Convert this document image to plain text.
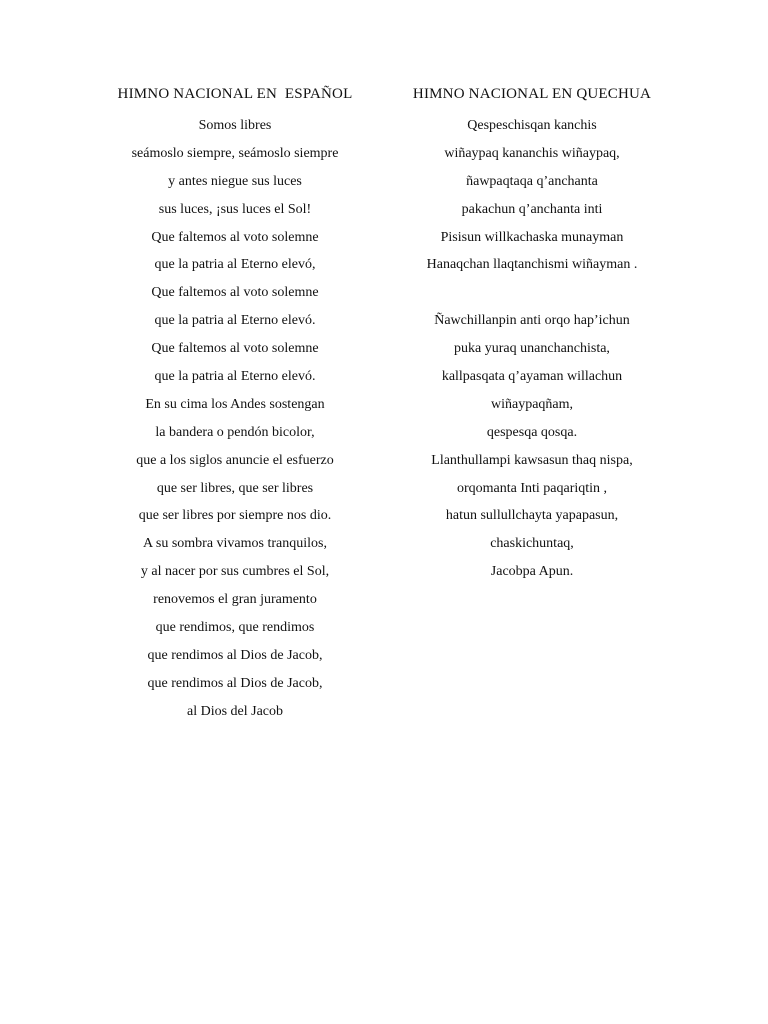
HIMNO NACIONAL EN  ESPAÑOL
Somos libres
seámoslo siempre, seámoslo siempre
y antes niegue sus luces
sus luces, ¡sus luces el Sol!
Que faltemos al voto solemne
que la patria al Eterno elevó,
Que faltemos al voto solemne
que la patria al Eterno elevó.
Que faltemos al voto solemne
que la patria al Eterno elevó.
En su cima los Andes sostengan
la bandera o pendón bicolor,
que a los siglos anuncie el esfuerzo
que ser libres, que ser libres
que ser libres por siempre nos dio.
A su sombra vivamos tranquilos,
y al nacer por sus cumbres el Sol,
renovemos el gran juramento
que rendimos, que rendimos
que rendimos al Dios de Jacob,
que rendimos al Dios de Jacob,
al Dios del Jacob
HIMNO NACIONAL EN QUECHUA
Qespeschisqan kanchis
wiñaypaq kananchis wiñaypaq,
ñawpaqtaqa q’anchanta
pakachun q’anchanta inti
Pisisun willkachaska munayman
Hanaqchan llaqtanchismi wiñayman .
Ñawchillanpin anti orqo hap’ichun
puka yuraq unanchanchista,
kallpasqata q’ayaman willachun
wiñaypaqñam,
qespesqa qosqa.
Llanthullampi kawsasun thaq nispa,
orqomanta Inti paqariqtin ,
hatun sullullchayta yapapasun,
chaskichuntaq,
Jacobpa Apun.
